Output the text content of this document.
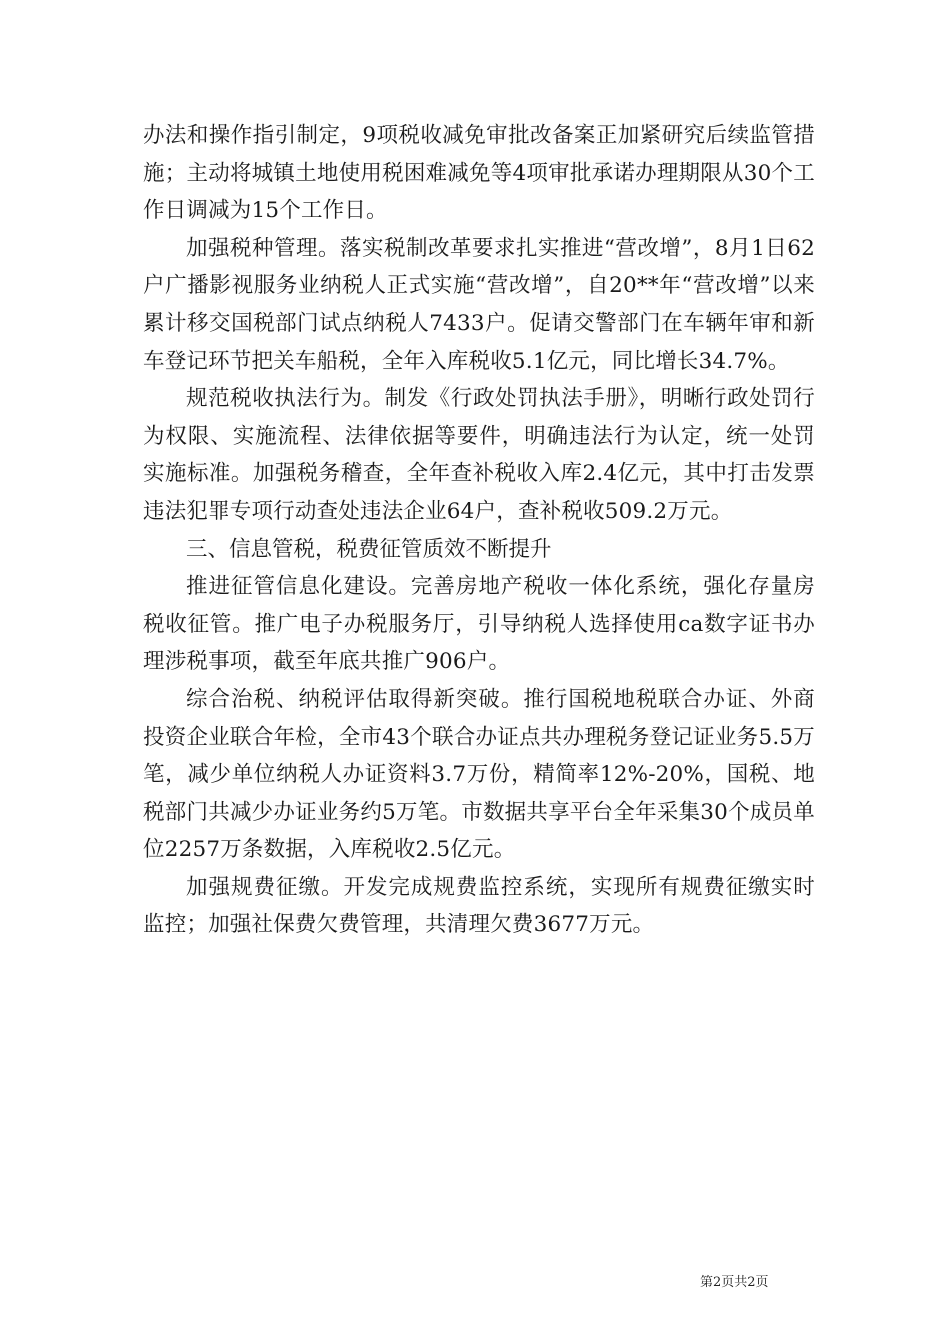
办法和操作指引制定，9项税收减免审批改备案正加紧研究后续监管措施；主动将城镇土地使用税困难减免等4项审批承诺办理期限从30个工作日调减为15个工作日。

加强税种管理。落实税制改革要求扎实推进“营改增”，8月1日62户广播影视服务业纳税人正式实施“营改增”，自20**年“营改增”以来累计移交国税部门试点纳税人7433户。促请交警部门在车辆年审和新车登记环节把关车船税，全年入库税收5.1亿元，同比增长34.7%。

规范税收执法行为。制发《行政处罚执法手册》，明晰行政处罚行为权限、实施流程、法律依据等要件，明确违法行为认定，统一处罚实施标准。加强税务稽查，全年查补税收入库2.4亿元，其中打击发票违法犯罪专项行动查处违法企业64户，查补税收509.2万元。

三、信息管税，税费征管质效不断提升

推进征管信息化建设。完善房地产税收一体化系统，强化存量房税收征管。推广电子办税服务厅，引导纳税人选择使用ca数字证书办理涉税事项，截至年底共推广906户。

综合治税、纳税评估取得新突破。推行国税地税联合办证、外商投资企业联合年检，全市43个联合办证点共办理税务登记证业务5.5万笔，减少单位纳税人办证资料3.7万份，精简率12%-20%，国税、地税部门共减少办证业务约5万笔。市数据共享平台全年采集30个成员单位2257万条数据，入库税收2.5亿元。

加强规费征缴。开发完成规费监控系统，实现所有规费征缴实时监控；加强社保费欠费管理，共清理欠费3677万元。

第2页共2页
